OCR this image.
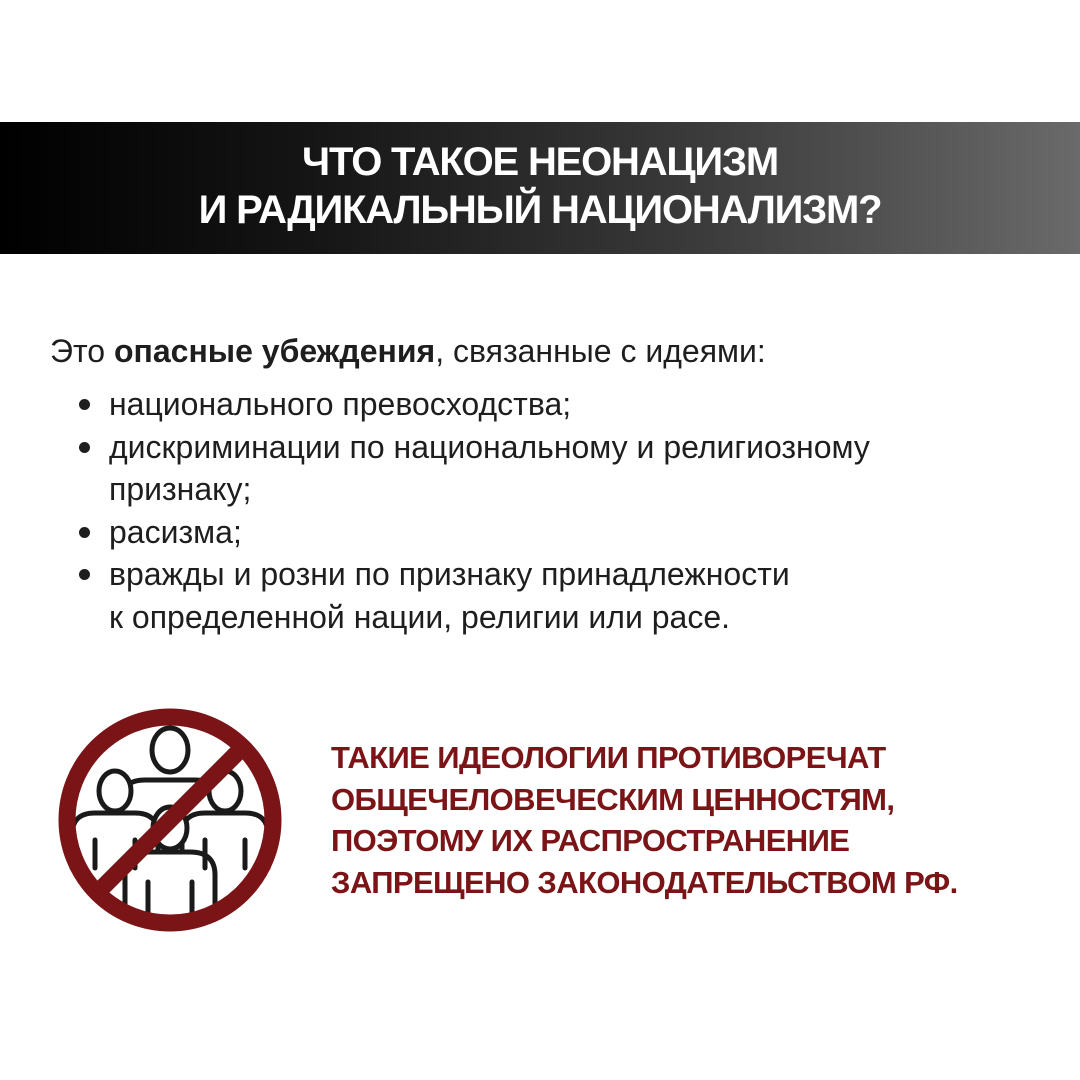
ЧТО ТАКОЕ НЕОНАЦИЗМ
И РАДИКАЛЬНЫЙ НАЦИОНАЛИЗМ?
Это опасные убеждения, связанные с идеями:
национального превосходства;
дискриминации по национальному и религиозному
признаку;
расизма;
вражды и розни по признаку принадлежности
к определенной нации, религии или расе.
ТАКИЕ ИДЕОЛОГИИ ПРОТИВОРЕЧАТ
ОБЩЕЧЕЛОВЕЧЕСКИМ ЦЕННОСТЯМ,
ПОЭТОМУ ИХ РАСПРОСТРАНЕНИЕ
ЗАПРЕЩЕНО ЗАКОНОДАТЕЛЬСТВОМ РФ.
